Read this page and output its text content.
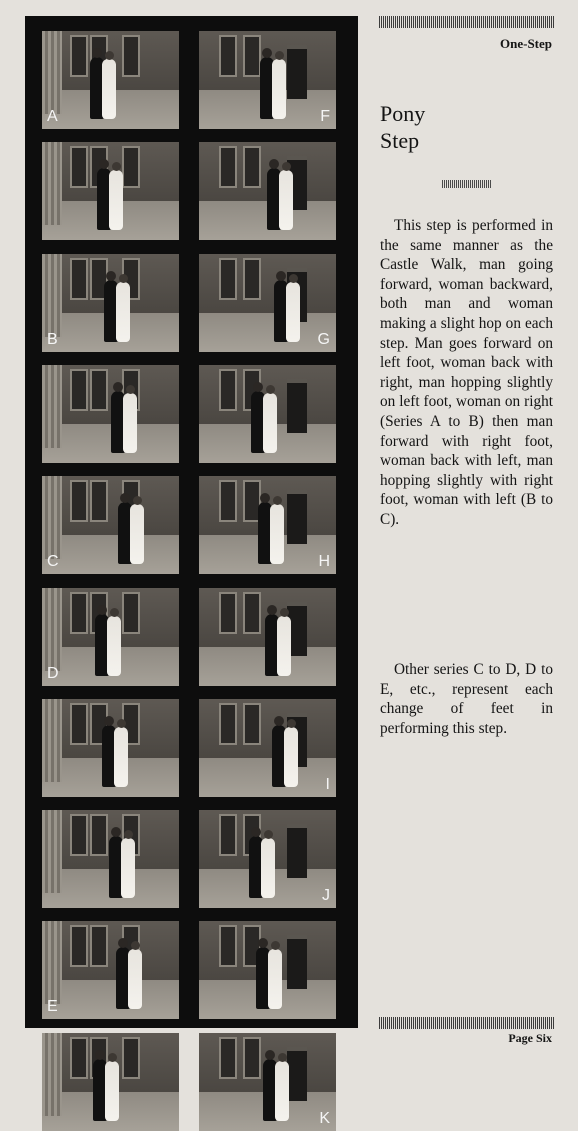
A	F
B	G
C	H
D
I
J
E
K
One-Step
Pony
Step

This step is performed in the same manner as the Castle Walk, man going forward, woman backward, both man and woman making a slight hop on each step. Man goes forward on left foot, woman back with right, man hopping slightly on left foot, woman on right (Series A to B) then man forward with right foot, woman back with left, man hopping slightly with right foot, woman with left (B to C).

Other series C to D, D to E, etc., represent each change of feet in performing this step.

Page Six
